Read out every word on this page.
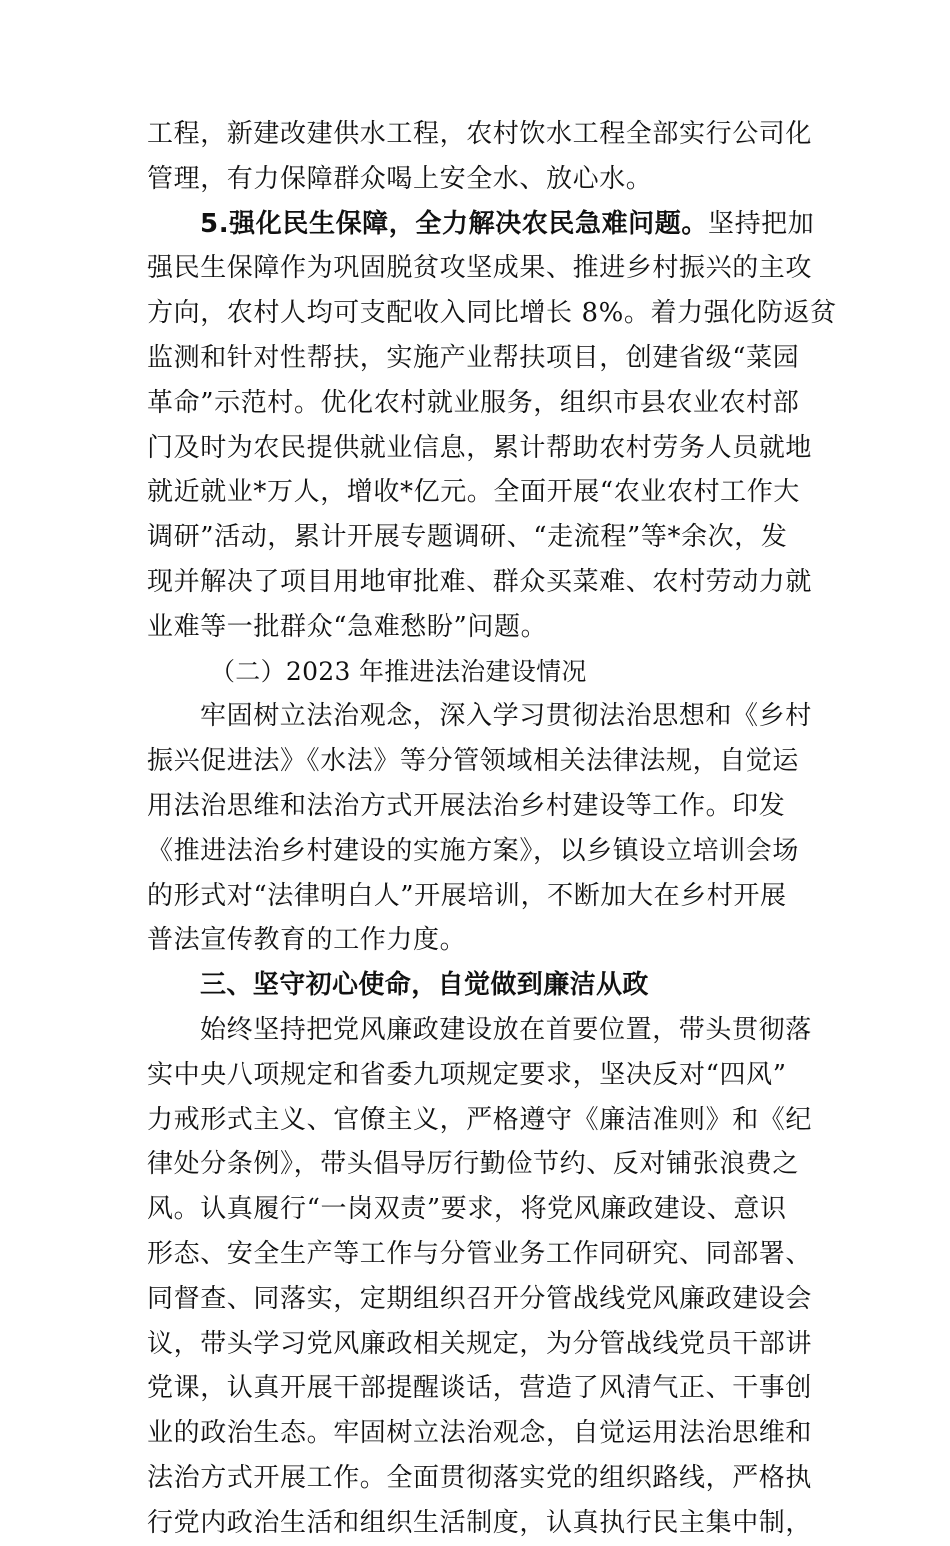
工程，新建改建供水工程，农村饮水工程全部实行公司化
管理，有力保障群众喝上安全水、放心水。
5.强化民生保障，全力解决农民急难问题。坚持把加
强民生保障作为巩固脱贫攻坚成果、推进乡村振兴的主攻
方向，农村人均可支配收入同比增长 8%。着力强化防返贫
监测和针对性帮扶，实施产业帮扶项目，创建省级“菜园
革命”示范村。优化农村就业服务，组织市县农业农村部
门及时为农民提供就业信息，累计帮助农村劳务人员就地
就近就业*万人，增收*亿元。全面开展“农业农村工作大
调研”活动，累计开展专题调研、“走流程”等*余次，发
现并解决了项目用地审批难、群众买菜难、农村劳动力就
业难等一批群众“急难愁盼”问题。
（二）2023 年推进法治建设情况
牢固树立法治观念，深入学习贯彻法治思想和《乡村
振兴促进法》《水法》等分管领域相关法律法规，自觉运
用法治思维和法治方式开展法治乡村建设等工作。印发
《推进法治乡村建设的实施方案》，以乡镇设立培训会场
的形式对“法律明白人”开展培训，不断加大在乡村开展
普法宣传教育的工作力度。
三、坚守初心使命，自觉做到廉洁从政
始终坚持把党风廉政建设放在首要位置，带头贯彻落
实中央八项规定和省委九项规定要求，坚决反对“四风”
力戒形式主义、官僚主义，严格遵守《廉洁准则》和《纪
律处分条例》，带头倡导厉行勤俭节约、反对铺张浪费之
风。认真履行“一岗双责”要求，将党风廉政建设、意识
形态、安全生产等工作与分管业务工作同研究、同部署、
同督查、同落实，定期组织召开分管战线党风廉政建设会
议，带头学习党风廉政相关规定，为分管战线党员干部讲
党课，认真开展干部提醒谈话，营造了风清气正、干事创
业的政治生态。牢固树立法治观念，自觉运用法治思维和
法治方式开展工作。全面贯彻落实党的组织路线，严格执
行党内政治生活和组织生活制度，认真执行民主集中制，
